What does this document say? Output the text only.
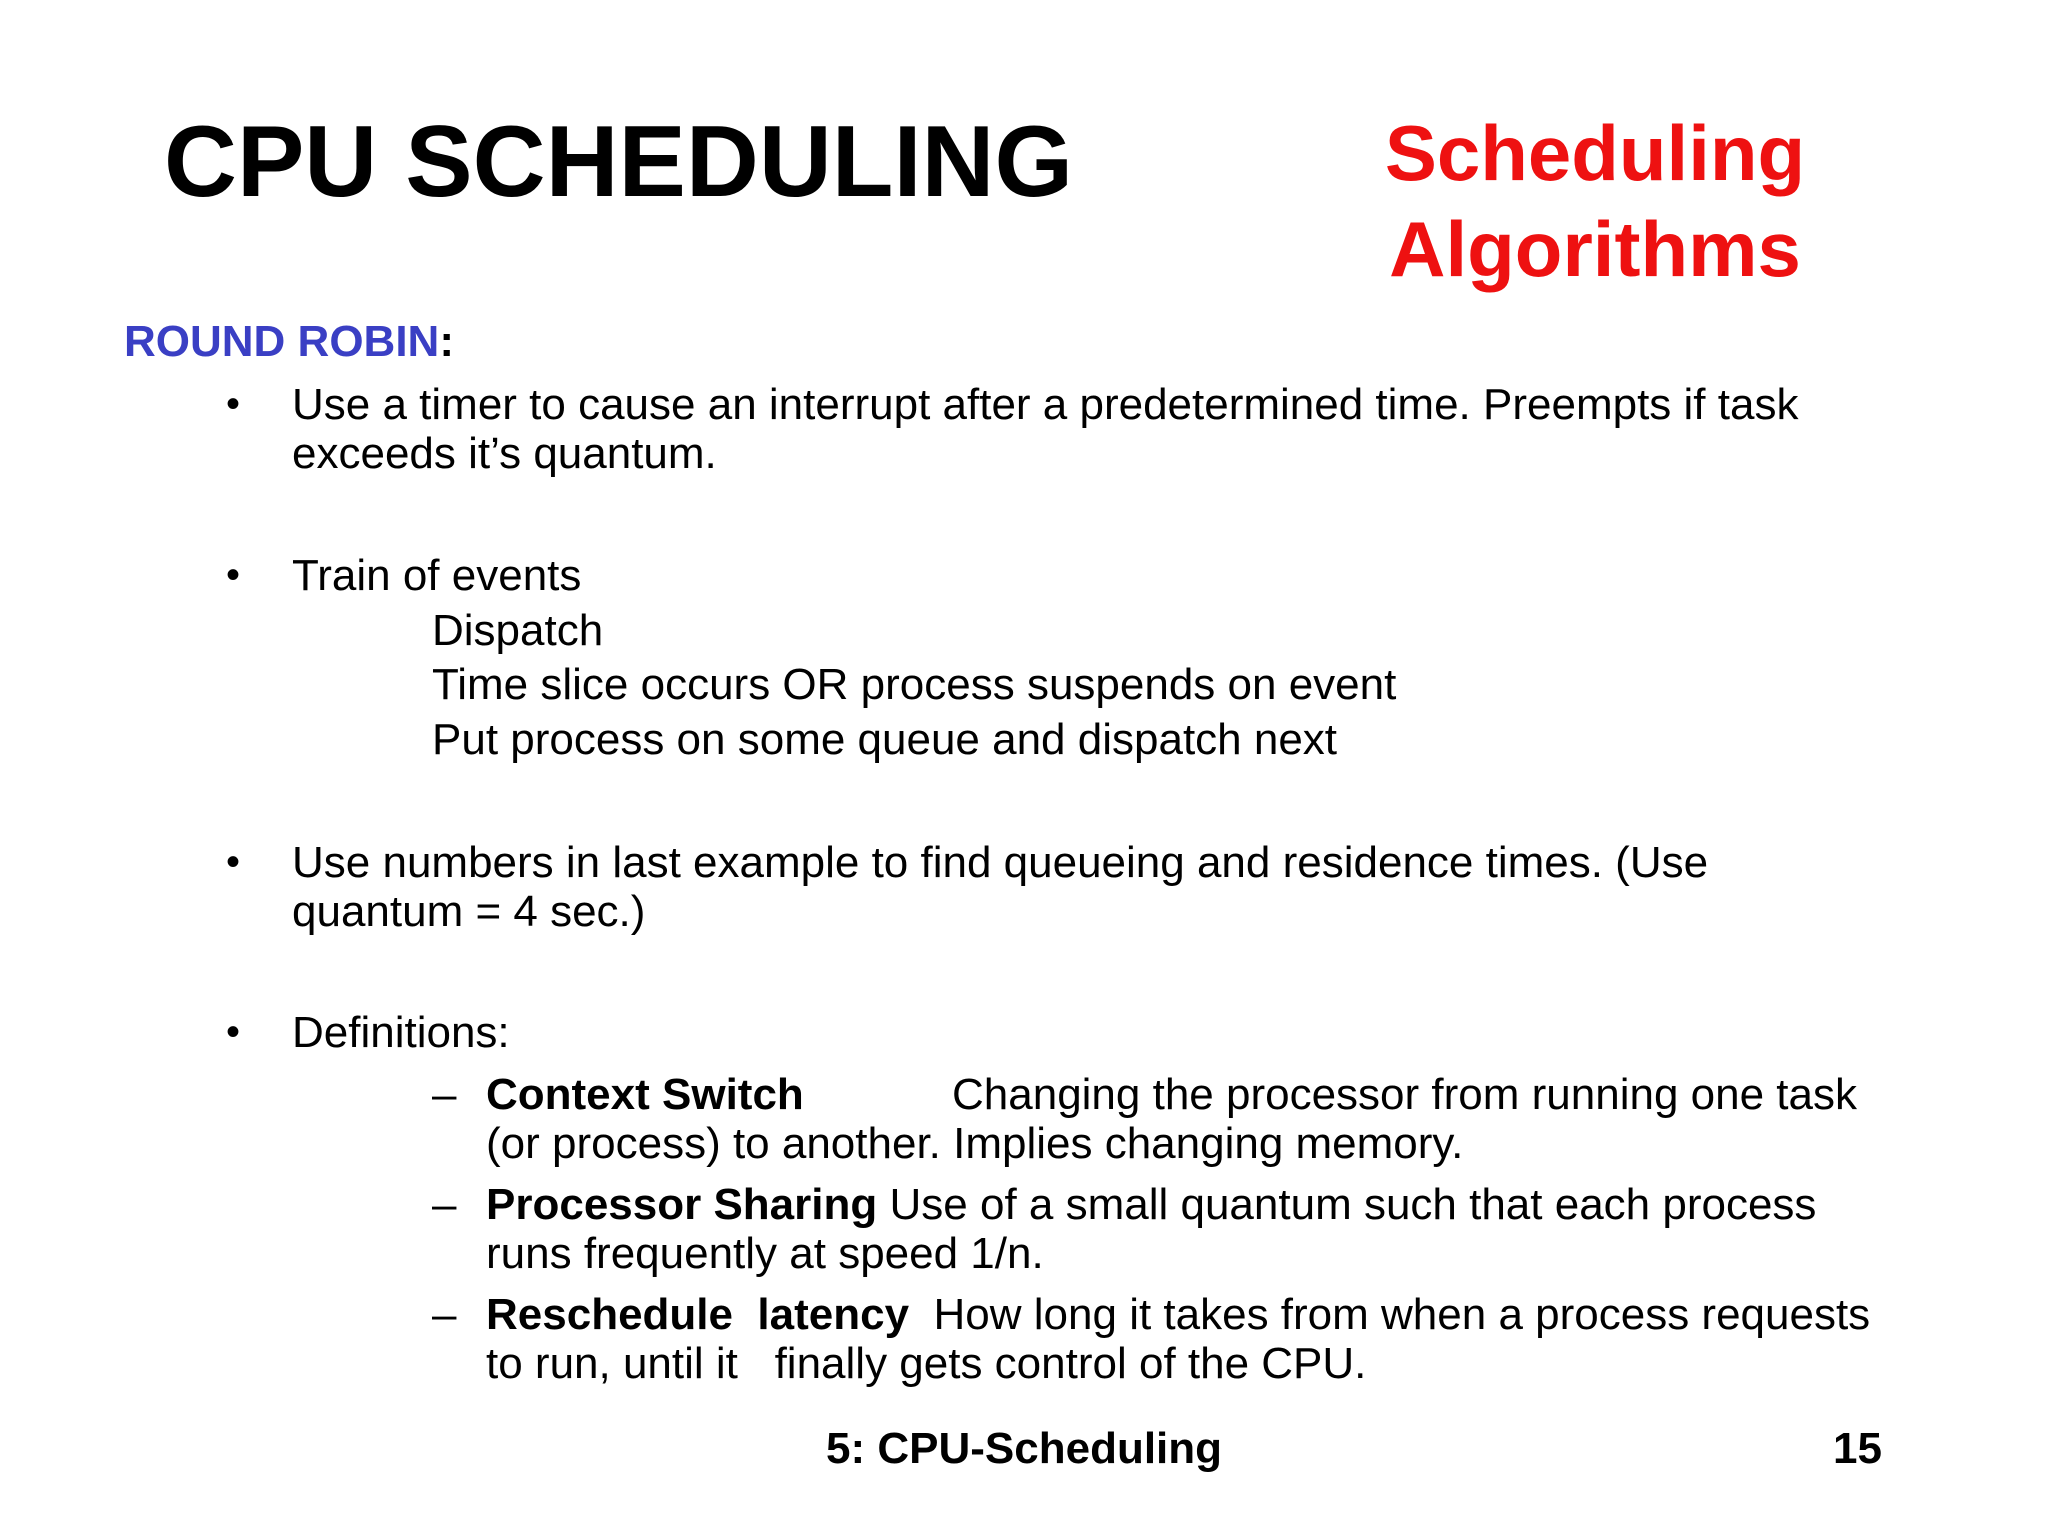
CPU SCHEDULING	Scheduling
Algorithms
ROUND ROBIN:
• Use a timer to cause an interrupt after a predetermined time. Preempts if task
exceeds it’s quantum.
• Train of events
Dispatch
Time slice occurs OR process suspends on event
Put process on some queue and dispatch next
• Use numbers in last example to find queueing and residence times. (Use
quantum = 4 sec.)
• Definitions:
– Context Switch	Changing the processor from running one task
(or process) to another. Implies changing memory.
– Processor Sharing Use of a small quantum such that each process
runs frequently at speed 1/n.
– Reschedule  latency How long it takes from when a process requests
to run, until it   finally gets control of the CPU.
5: CPU-Scheduling	15
